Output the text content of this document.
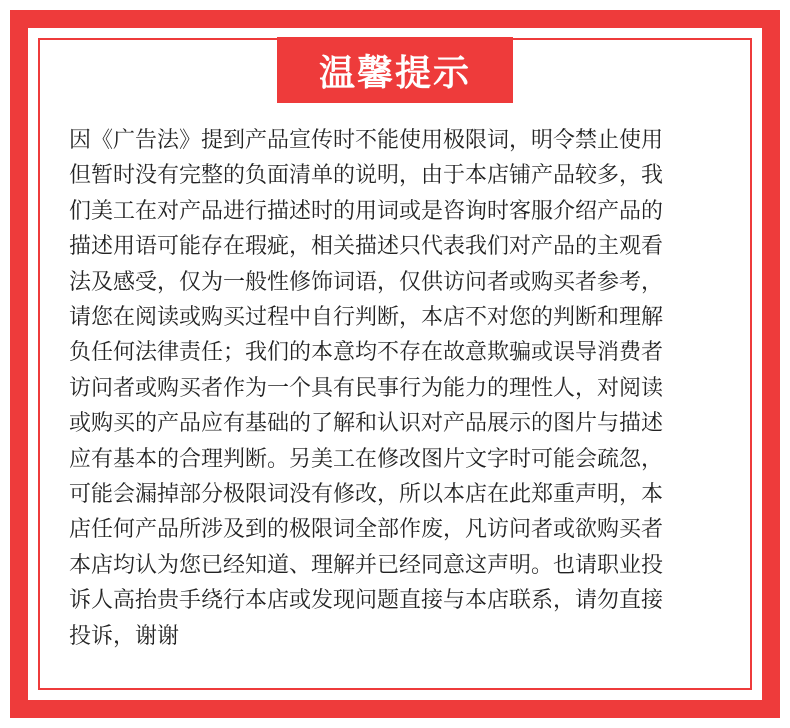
温馨提示

因《广告法》提到产品宣传时不能使用极限词，明令禁止使用
但暂时没有完整的负面清单的说明，由于本店铺产品较多，我
们美工在对产品进行描述时的用词或是咨询时客服介绍产品的
描述用语可能存在瑕疵，相关描述只代表我们对产品的主观看
法及感受，仅为一般性修饰词语，仅供访问者或购买者参考，
请您在阅读或购买过程中自行判断，本店不对您的判断和理解
负任何法律责任；我们的本意均不存在故意欺骗或误导消费者
访问者或购买者作为一个具有民事行为能力的理性人，对阅读
或购买的产品应有基础的了解和认识对产品展示的图片与描述
应有基本的合理判断。另美工在修改图片文字时可能会疏忽，
可能会漏掉部分极限词没有修改，所以本店在此郑重声明，本
店任何产品所涉及到的极限词全部作废，凡访问者或欲购买者
本店均认为您已经知道、理解并已经同意这声明。也请职业投
诉人高抬贵手绕行本店或发现问题直接与本店联系，请勿直接
投诉，谢谢
